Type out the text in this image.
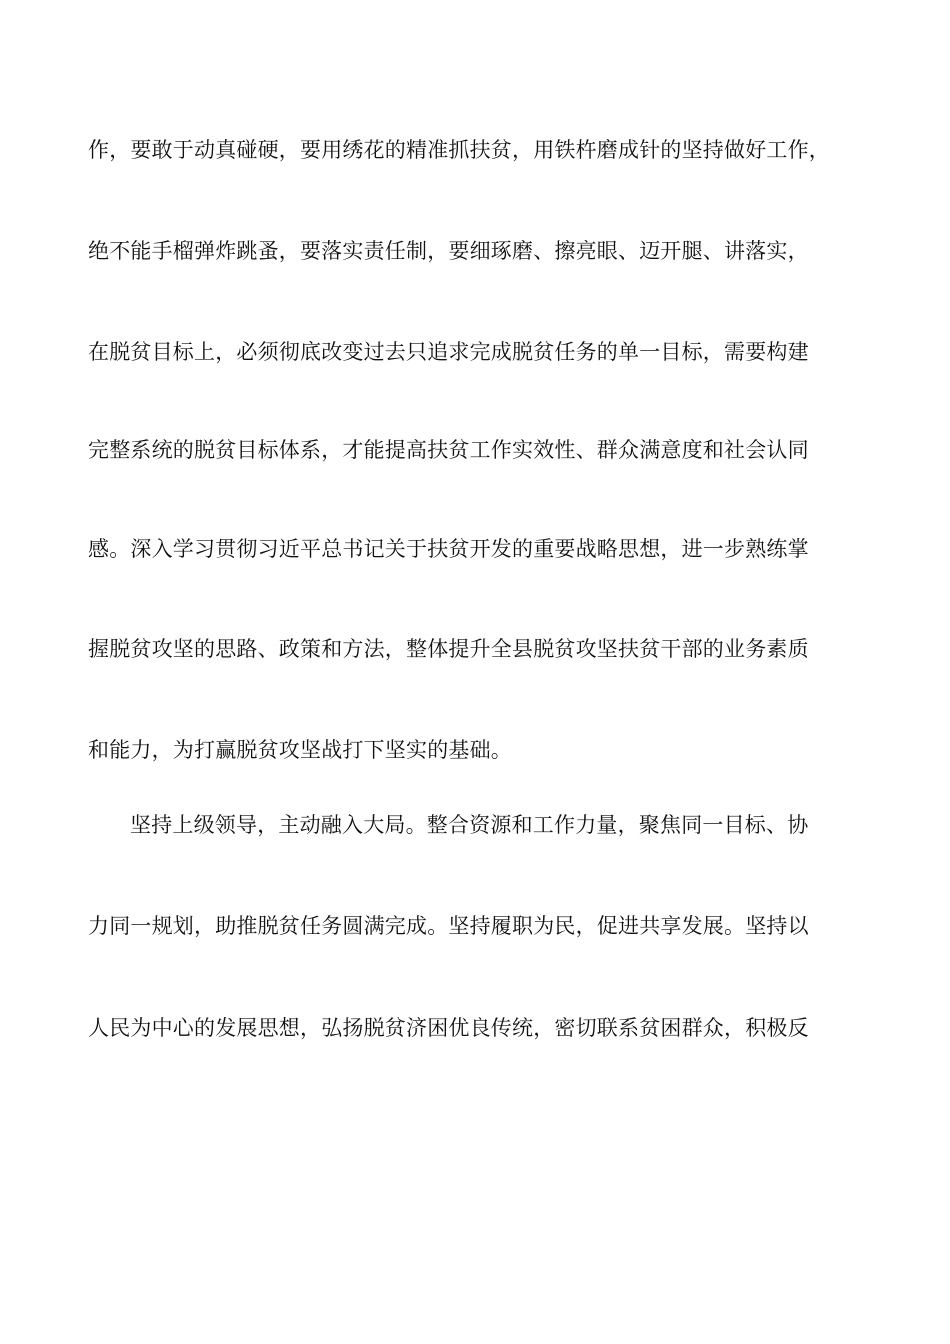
作，要敢于动真碰硬，要用绣花的精准抓扶贫，用铁杵磨成针的坚持做好工作，
绝不能手榴弹炸跳蚤，要落实责任制，要细琢磨、擦亮眼、迈开腿、讲落实，
在脱贫目标上，必须彻底改变过去只追求完成脱贫任务的单一目标，需要构建
完整系统的脱贫目标体系，才能提高扶贫工作实效性、群众满意度和社会认同
感。深入学习贯彻习近平总书记关于扶贫开发的重要战略思想，进一步熟练掌
握脱贫攻坚的思路、政策和方法，整体提升全县脱贫攻坚扶贫干部的业务素质
和能力，为打赢脱贫攻坚战打下坚实的基础。
坚持上级领导，主动融入大局。整合资源和工作力量，聚焦同一目标、协
力同一规划，助推脱贫任务圆满完成。坚持履职为民，促进共享发展。坚持以
人民为中心的发展思想，弘扬脱贫济困优良传统，密切联系贫困群众，积极反
